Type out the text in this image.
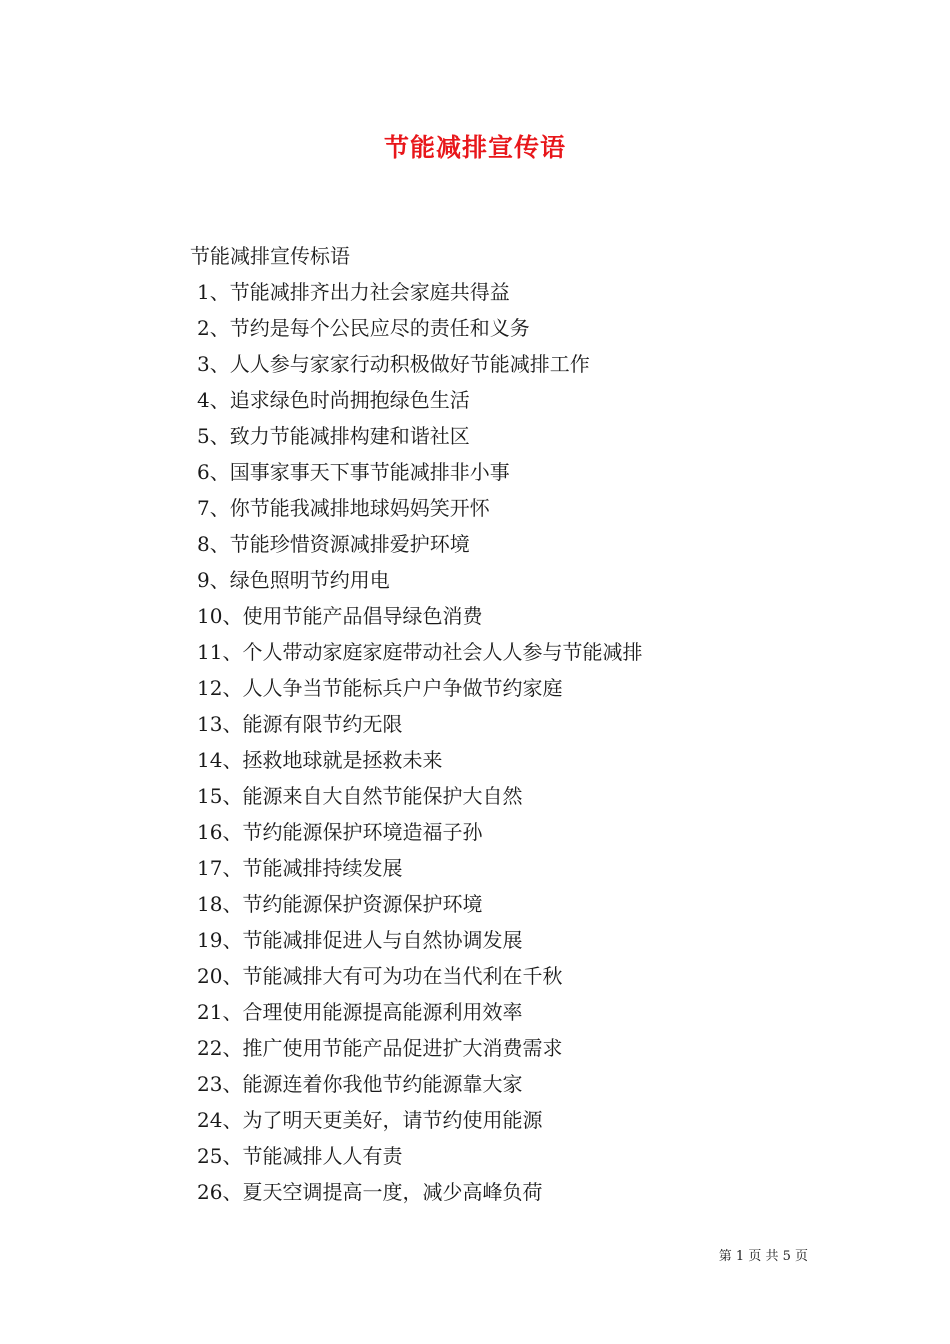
节能减排宣传语
节能减排宣传标语
1、节能减排齐出力社会家庭共得益
2、节约是每个公民应尽的责任和义务
3、人人参与家家行动积极做好节能减排工作
4、追求绿色时尚拥抱绿色生活
5、致力节能减排构建和谐社区
6、国事家事天下事节能减排非小事
7、你节能我减排地球妈妈笑开怀
8、节能珍惜资源减排爱护环境
9、绿色照明节约用电
10、使用节能产品倡导绿色消费
11、个人带动家庭家庭带动社会人人参与节能减排
12、人人争当节能标兵户户争做节约家庭
13、能源有限节约无限
14、拯救地球就是拯救未来
15、能源来自大自然节能保护大自然
16、节约能源保护环境造福子孙
17、节能减排持续发展
18、节约能源保护资源保护环境
19、节能减排促进人与自然协调发展
20、节能减排大有可为功在当代利在千秋
21、合理使用能源提高能源利用效率
22、推广使用节能产品促进扩大消费需求
23、能源连着你我他节约能源靠大家
24、为了明天更美好，请节约使用能源
25、节能减排人人有责
26、夏天空调提高一度，减少高峰负荷
第 1 页 共 5 页
